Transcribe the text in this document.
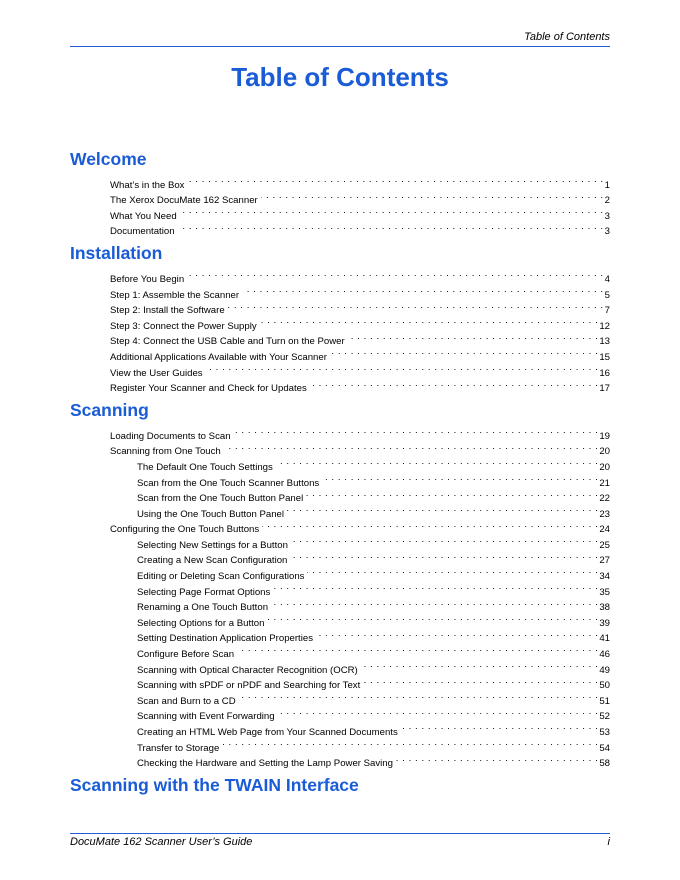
Table of Contents
Table of Contents
Welcome
What’s in the Box . . .	1
The Xerox DocuMate 162 Scanner . . .	2
What You Need . . .	3
Documentation . . .	3
Installation
Before You Begin . . .	4
Step 1: Assemble the Scanner . . .	5
Step 2: Install the Software . . .	7
Step 3: Connect the Power Supply . . .	12
Step 4: Connect the USB Cable and Turn on the Power . . .	13
Additional Applications Available with Your Scanner . . .	15
View the User Guides . . .	16
Register Your Scanner and Check for Updates . . .	17
Scanning
Loading Documents to Scan . . .	19
Scanning from One Touch . . .	20
The Default One Touch Settings . . .	20
Scan from the One Touch Scanner Buttons . . .	21
Scan from the One Touch Button Panel . . .	22
Using the One Touch Button Panel . . .	23
Configuring the One Touch Buttons . . .	24
Selecting New Settings for a Button . . .	25
Creating a New Scan Configuration . . .	27
Editing or Deleting Scan Configurations . . .	34
Selecting Page Format Options . . .	35
Renaming a One Touch Button . . .	38
Selecting Options for a Button . . .	39
Setting Destination Application Properties . . .	41
Configure Before Scan . . .	46
Scanning with Optical Character Recognition (OCR) . . .	49
Scanning with sPDF or nPDF and Searching for Text . . .	50
Scan and Burn to a CD . . .	51
Scanning with Event Forwarding . . .	52
Creating an HTML Web Page from Your Scanned Documents . . .	53
Transfer to Storage . . .	54
Checking the Hardware and Setting the Lamp Power Saving . . .	58
Scanning with the TWAIN Interface
DocuMate 162 Scanner User’s Guide	i
